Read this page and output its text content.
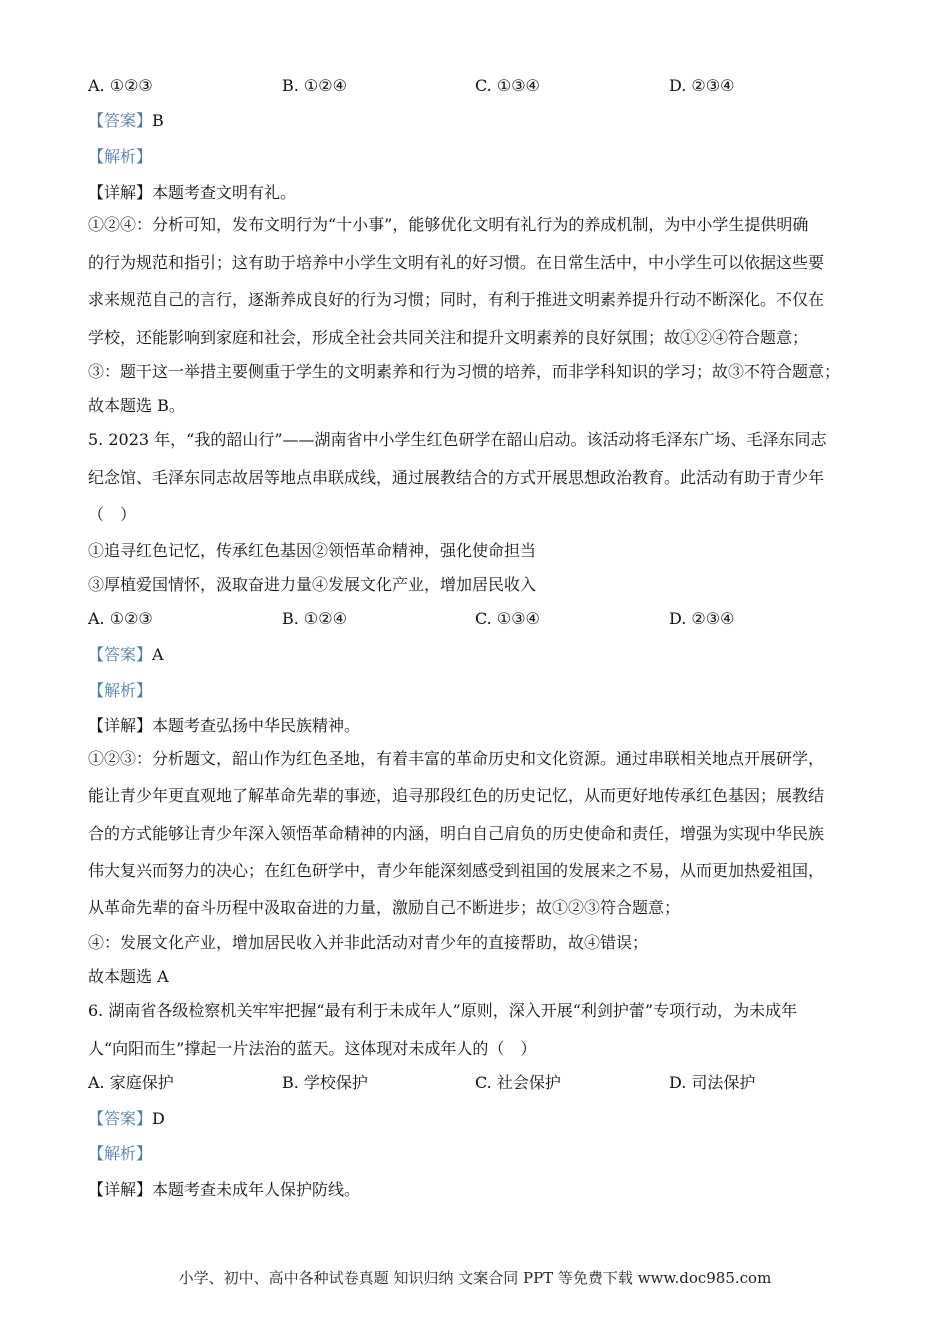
A. ①②③	B. ①②④	C. ①③④	D. ②③④
【答案】B
【解析】
【详解】本题考查文明有礼。
①②④：分析可知，发布文明行为“十小事”，能够优化文明有礼行为的养成机制，为中小学生提供明确
的行为规范和指引；这有助于培养中小学生文明有礼的好习惯。在日常生活中，中小学生可以依据这些要
求来规范自己的言行，逐渐养成良好的行为习惯；同时，有利于推进文明素养提升行动不断深化。不仅在
学校，还能影响到家庭和社会，形成全社会共同关注和提升文明素养的良好氛围；故①②④符合题意；
③：题干这一举措主要侧重于学生的文明素养和行为习惯的培养，而非学科知识的学习；故③不符合题意；
故本题选 B。
5. 2023 年，“我的韶山行”——湖南省中小学生红色研学在韶山启动。该活动将毛泽东广场、毛泽东同志
纪念馆、毛泽东同志故居等地点串联成线，通过展教结合的方式开展思想政治教育。此活动有助于青少年
（　）
①追寻红色记忆，传承红色基因②领悟革命精神，强化使命担当
③厚植爱国情怀，汲取奋进力量④发展文化产业，增加居民收入
A. ①②③	B. ①②④	C. ①③④	D. ②③④
【答案】A
【解析】
【详解】本题考查弘扬中华民族精神。
①②③：分析题文，韶山作为红色圣地，有着丰富的革命历史和文化资源。通过串联相关地点开展研学，
能让青少年更直观地了解革命先辈的事迹，追寻那段红色的历史记忆，从而更好地传承红色基因；展教结
合的方式能够让青少年深入领悟革命精神的内涵，明白自己肩负的历史使命和责任，增强为实现中华民族
伟大复兴而努力的决心；在红色研学中，青少年能深刻感受到祖国的发展来之不易，从而更加热爱祖国，
从革命先辈的奋斗历程中汲取奋进的力量，激励自己不断进步；故①②③符合题意；
④：发展文化产业，增加居民收入并非此活动对青少年的直接帮助，故④错误；
故本题选 A
6. 湖南省各级检察机关牢牢把握“最有利于未成年人”原则，深入开展“利剑护蕾”专项行动，为未成年
人“向阳而生”撑起一片法治的蓝天。这体现对未成年人的（　）
A. 家庭保护	B. 学校保护	C. 社会保护	D. 司法保护
【答案】D
【解析】
【详解】本题考查未成年人保护防线。
小学、初中、高中各种试卷真题 知识归纳 文案合同 PPT 等免费下载 www.doc985.com
